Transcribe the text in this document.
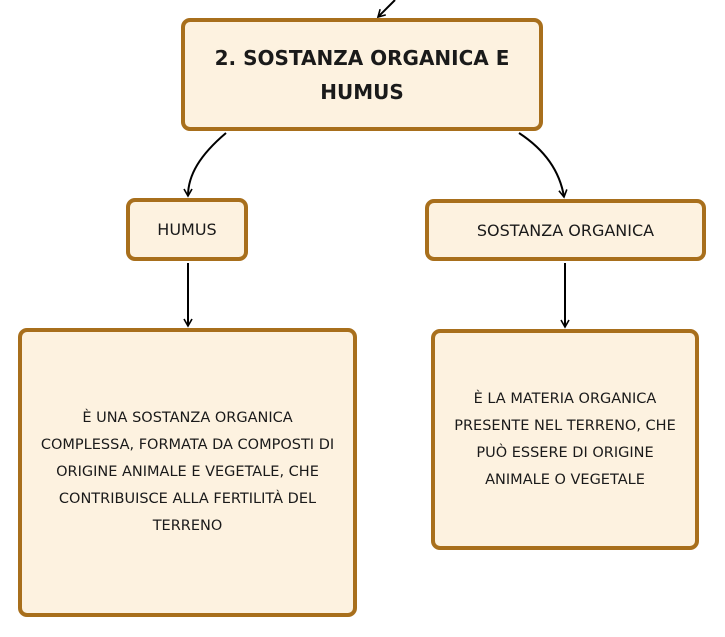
2. SOSTANZA ORGANICA E HUMUS
HUMUS	SOSTANZA ORGANICA
È UNA SOSTANZA ORGANICA COMPLESSA, FORMATA DA COMPOSTI DI ORIGINE ANIMALE E VEGETALE, CHE CONTRIBUISCE ALLA FERTILITÀ DEL TERRENO
È LA MATERIA ORGANICA PRESENTE NEL TERRENO, CHE PUÒ ESSERE DI ORIGINE ANIMALE O VEGETALE
